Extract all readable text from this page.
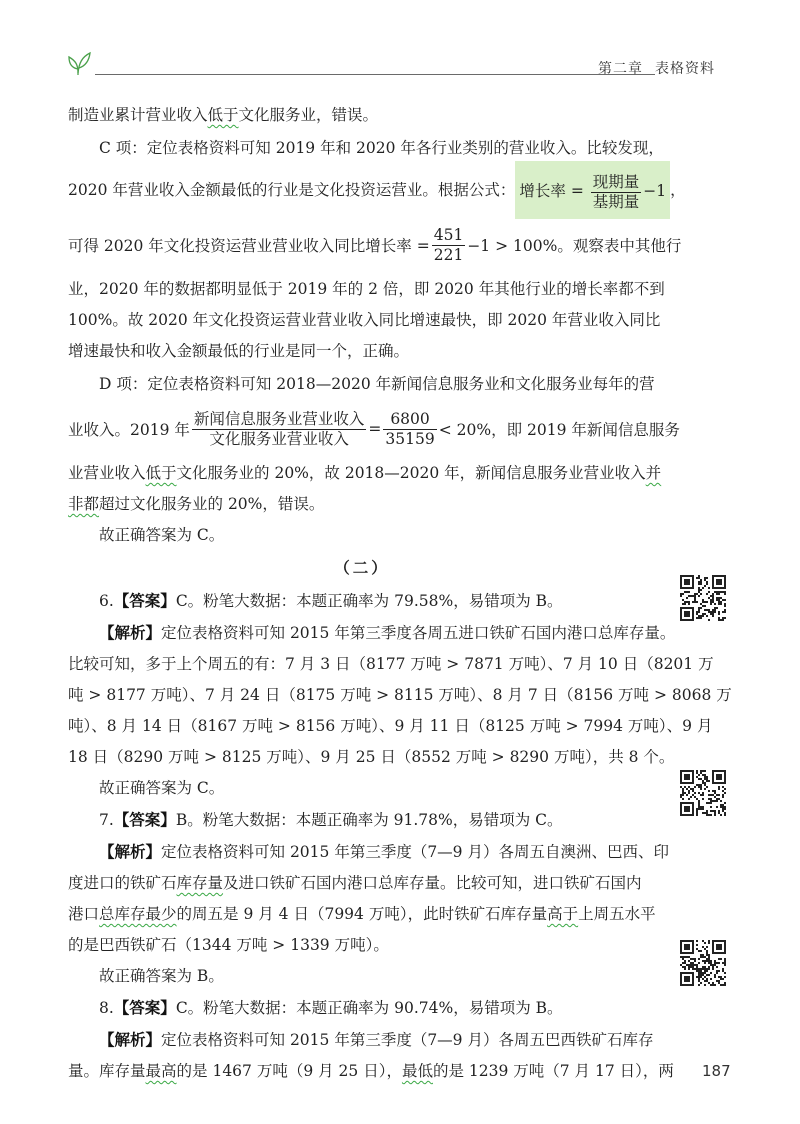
第二章 表格资料
制造业累计营业收入低于文化服务业，错误。
C 项：定位表格资料可知 2019 年和 2020 年各行业类别的营业收入。比较发现，
2020 年营业收入金额最低的行业是文化投资运营业。根据公式： 增长率 = $\frac{\text{现期量}}{\text{基期量}} -1$ ，
可得 2020 年文化投资运营业营业收入同比增长率 = $\frac{451}{221} -1 > 100\%$。观察表中其他行
业，2020 年的数据都明显低于 2019 年的 2 倍，即 2020 年其他行业的增长率都不到
100%。故 2020 年文化投资运营业营业收入同比增速最快，即 2020 年营业收入同比
增速最快和收入金额最低的行业是同一个，正确。
D 项：定位表格资料可知 2018—2020 年新闻信息服务业和文化服务业每年的营
业收入。2019 年 $\frac{\text{新闻信息服务业营业收入}}{\text{文化服务业营业收入}} = \frac{6800}{35159} < 20\%$，即 2019 年新闻信息服务
业营业收入低于文化服务业的 20%，故 2018—2020 年，新闻信息服务业营业收入并
非都超过文化服务业的 20%，错误。
故正确答案为 C。
（二）
6.【答案】C。粉笔大数据：本题正确率为 79.58%，易错项为 B。
【解析】定位表格资料可知 2015 年第三季度各周五进口铁矿石国内港口总库存量。
比较可知，多于上个周五的有：7 月 3 日（8177 万吨 > 7871 万吨）、7 月 10 日（8201 万
吨 > 8177 万吨）、7 月 24 日（8175 万吨 > 8115 万吨）、8 月 7 日（8156 万吨 > 8068 万
吨）、8 月 14 日（8167 万吨 > 8156 万吨）、9 月 11 日（8125 万吨 > 7994 万吨）、9 月
18 日（8290 万吨 > 8125 万吨）、9 月 25 日（8552 万吨 > 8290 万吨），共 8 个。
故正确答案为 C。
7.【答案】B。粉笔大数据：本题正确率为 91.78%，易错项为 C。
【解析】定位表格资料可知 2015 年第三季度（7—9 月）各周五自澳洲、巴西、印
度进口的铁矿石库存量及进口铁矿石国内港口总库存量。比较可知，进口铁矿石国内
港口总库存最少的周五是 9 月 4 日（7994 万吨），此时铁矿石库存量高于上周五水平
的是巴西铁矿石（1344 万吨 > 1339 万吨）。
故正确答案为 B。
8.【答案】C。粉笔大数据：本题正确率为 90.74%，易错项为 B。
【解析】定位表格资料可知 2015 年第三季度（7—9 月）各周五巴西铁矿石库存
量。库存量最高的是 1467 万吨（9 月 25 日），最低的是 1239 万吨（7 月 17 日），两 187
